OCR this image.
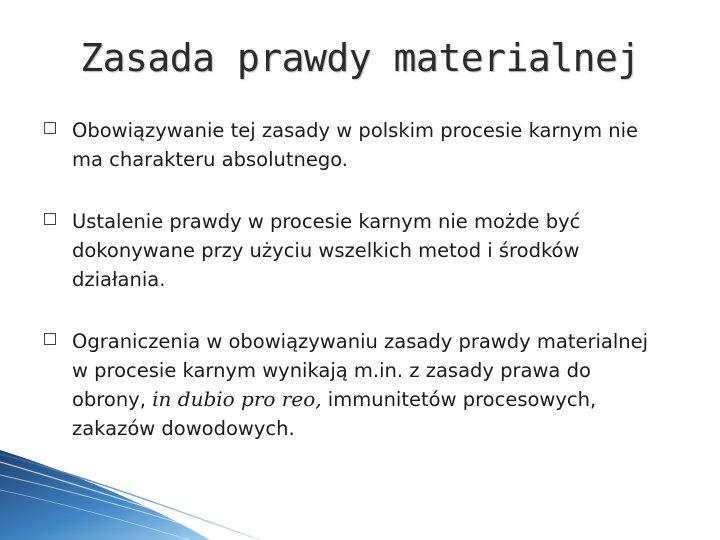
Zasada prawdy materialnej
Obowiązywanie tej zasady w polskim procesie karnym nie ma charakteru absolutnego.
Ustalenie prawdy w procesie karnym nie możde być dokonywane przy użyciu wszelkich metod i środków działania.
Ograniczenia w obowiązywaniu zasady prawdy materialnej w procesie karnym wynikają m.in. z zasady prawa do obrony, in dubio pro reo, immunitetów procesowych, zakazów dowodowych.
